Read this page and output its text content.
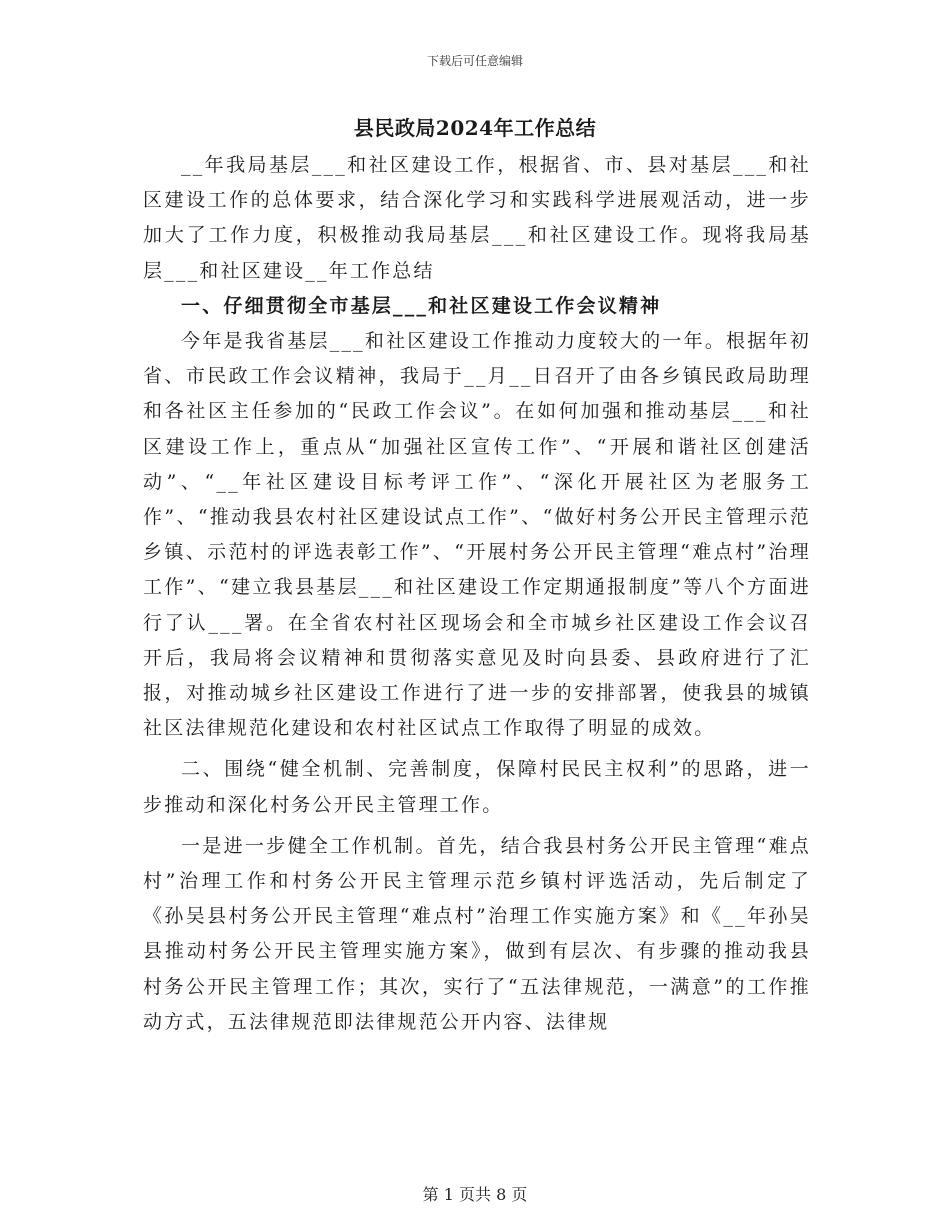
下载后可任意编辑
县民政局2024年工作总结

__年我局基层___和社区建设工作，根据省、市、县对基层___和社区建设工作的总体要求，结合深化学习和实践科学进展观活动，进一步加大了工作力度，积极推动我局基层___和社区建设工作。现将我局基层___和社区建设__年工作总结

一、仔细贯彻全市基层___和社区建设工作会议精神

今年是我省基层___和社区建设工作推动力度较大的一年。根据年初省、市民政工作会议精神，我局于__月__日召开了由各乡镇民政局助理和各社区主任参加的“民政工作会议”。在如何加强和推动基层___和社区建设工作上，重点从“加强社区宣传工作”、“开展和谐社区创建活动”、“__年社区建设目标考评工作”、“深化开展社区为老服务工作”、“推动我县农村社区建设试点工作”、“做好村务公开民主管理示范乡镇、示范村的评选表彰工作”、“开展村务公开民主管理“难点村”治理工作”、“建立我县基层___和社区建设工作定期通报制度”等八个方面进行了认___署。在全省农村社区现场会和全市城乡社区建设工作会议召开后，我局将会议精神和贯彻落实意见及时向县委、县政府进行了汇报，对推动城乡社区建设工作进行了进一步的安排部署，使我县的城镇社区法律规范化建设和农村社区试点工作取得了明显的成效。

二、围绕“健全机制、完善制度，保障村民民主权利”的思路，进一步推动和深化村务公开民主管理工作。

一是进一步健全工作机制。首先，结合我县村务公开民主管理“难点村”治理工作和村务公开民主管理示范乡镇村评选活动，先后制定了《孙吴县村务公开民主管理“难点村”治理工作实施方案》和《__年孙吴县推动村务公开民主管理实施方案》，做到有层次、有步骤的推动我县村务公开民主管理工作；其次，实行了“五法律规范，一满意”的工作推动方式，五法律规范即法律规范公开内容、法律规

第 1 页共 8 页
